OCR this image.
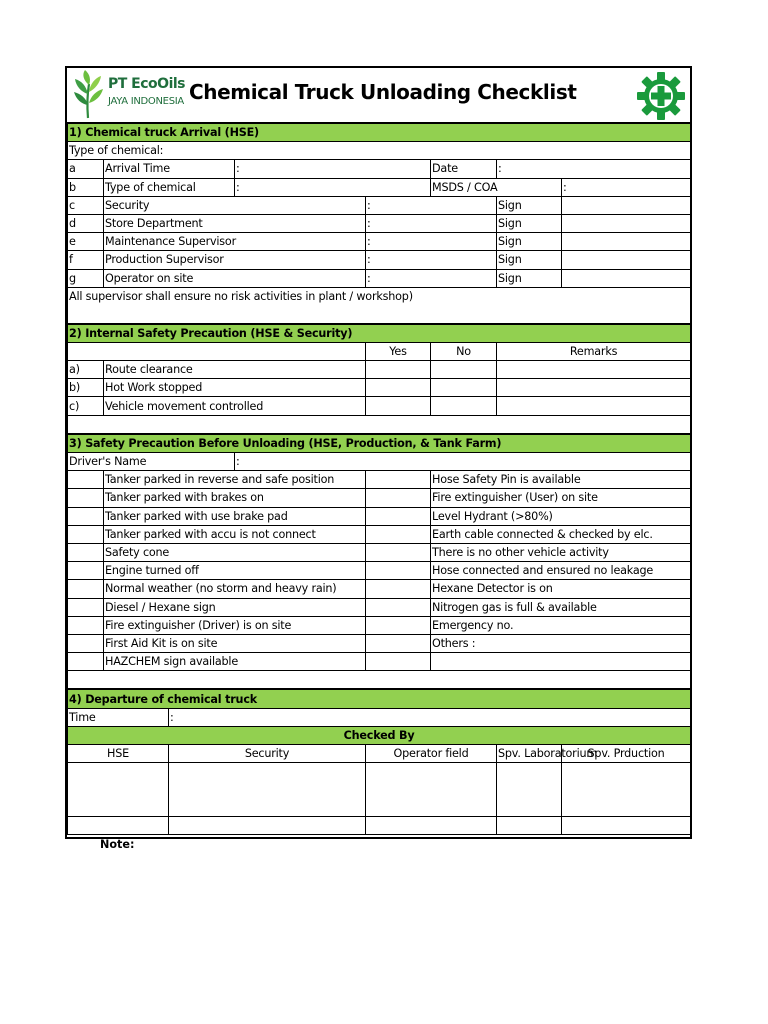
PT EcoOils
JAYA INDONESIA Chemical Truck Unloading Checklist
1) Chemical truck Arrival (HSE)							
Type of chemical:							
a	Arrival Time		:		Date	:	
b	Type of chemical		:		MSDS / COA		:
c	Security			:		Sign	
d	Store Department			:		Sign	
e	Maintenance Supervisor			:		Sign	
f	Production Supervisor			:		Sign	
g	Operator on site			:		Sign	
All supervisor shall ensure no risk activities in plant / workshop)							
2) Internal Safety Precaution (HSE & Security)							
				Yes	No	Remarks	
a)	Route clearance						
b)	Hot Work stopped						
c)	Vehicle movement controlled						

3) Safety Precaution Before Unloading (HSE, Production, & Tank Farm)							
Driver's Name			:				
	Tanker parked in reverse and safe position				Hose Safety Pin is available		
	Tanker parked with brakes on				Fire extinguisher (User) on site		
	Tanker parked with use brake pad				Level Hydrant (>80%)		
	Tanker parked with accu is not connect				Earth cable connected & checked by elc.		
	Safety cone				There is no other vehicle activity		
	Engine turned off				Hose connected and ensured no leakage		
	Normal weather (no storm and heavy rain)				Hexane Detector is on		
	Diesel / Hexane sign				Nitrogen gas is full & available		
	Fire extinguisher (Driver) is on site				Emergency no.		
	First Aid Kit is on site				Others :		
	HAZCHEM sign available						

4) Departure of chemical truck							
Time		:					
Checked By							
HSE		Security		Operator field		Spv. Laboratorium	Spv. Prduction

Note:
